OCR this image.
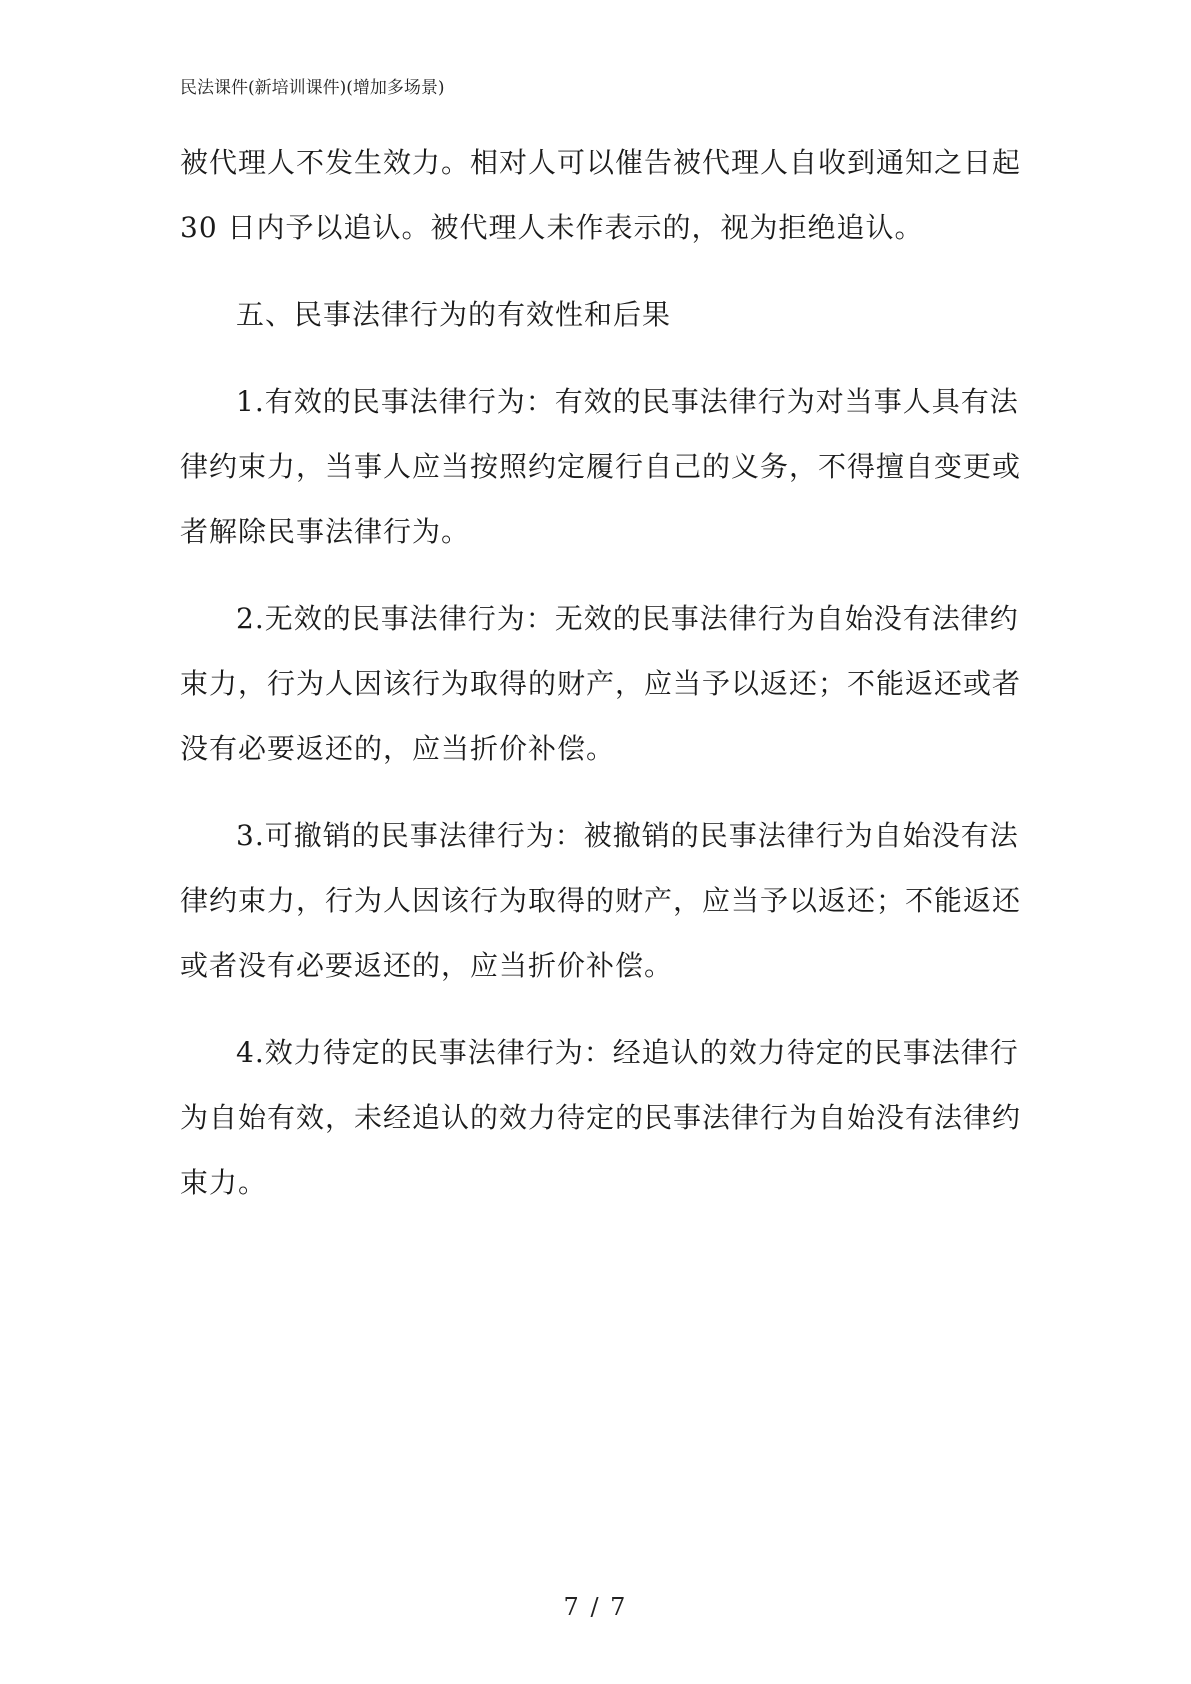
民法课件(新培训课件)(增加多场景)
被代理人不发生效力。相对人可以催告被代理人自收到通知之日起
30 日内予以追认。被代理人未作表示的，视为拒绝追认。
五、民事法律行为的有效性和后果
1.有效的民事法律行为：有效的民事法律行为对当事人具有法
律约束力，当事人应当按照约定履行自己的义务，不得擅自变更或
者解除民事法律行为。
2.无效的民事法律行为：无效的民事法律行为自始没有法律约
束力，行为人因该行为取得的财产，应当予以返还；不能返还或者
没有必要返还的，应当折价补偿。
3.可撤销的民事法律行为：被撤销的民事法律行为自始没有法
律约束力，行为人因该行为取得的财产，应当予以返还；不能返还
或者没有必要返还的，应当折价补偿。
4.效力待定的民事法律行为：经追认的效力待定的民事法律行
为自始有效，未经追认的效力待定的民事法律行为自始没有法律约
束力。
7 / 7
